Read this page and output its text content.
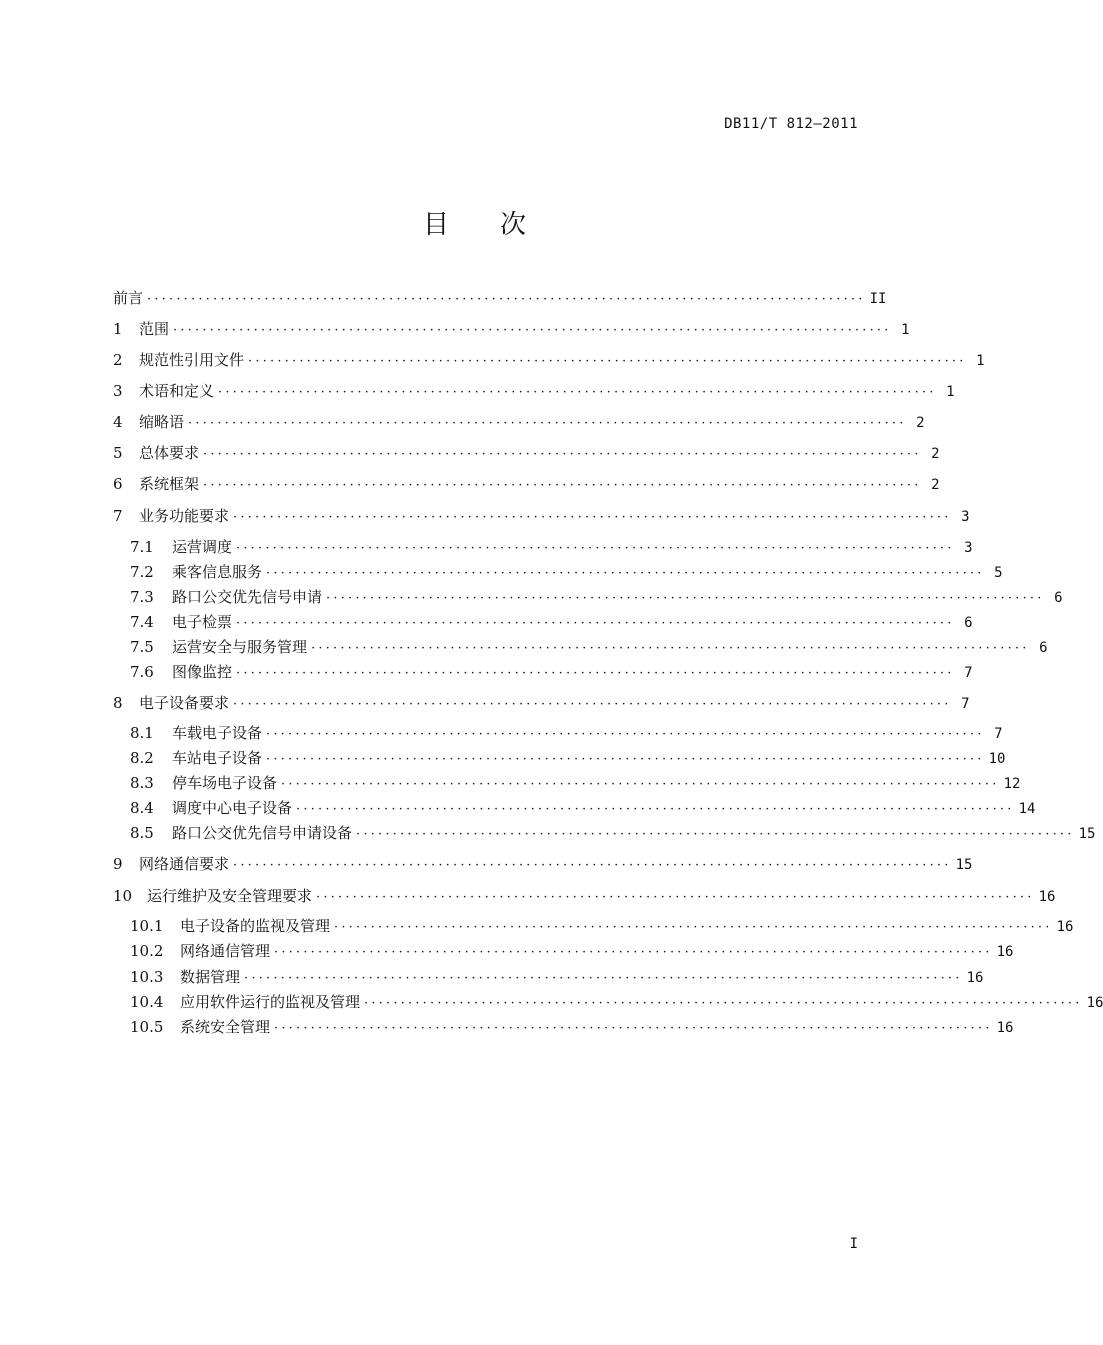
DB11/T 812—2011
目 次
前言 ·································································································· II
1	范围 ·································································································· 1
2	规范性引用文件 ·································································································· 1
3	术语和定义 ·································································································· 1
4	缩略语 ·································································································· 2
5	总体要求 ·································································································· 2
6	系统框架 ·································································································· 2
7	业务功能要求 ·································································································· 3
7.1	运营调度 ·································································································· 3
7.2	乘客信息服务 ·································································································· 5
7.3	路口公交优先信号申请 ·································································································· 6
7.4	电子检票 ·································································································· 6
7.5	运营安全与服务管理 ·································································································· 6
7.6	图像监控 ·································································································· 7
8	电子设备要求 ·································································································· 7
8.1	车载电子设备 ·································································································· 7
8.2	车站电子设备 ·································································································· 10
8.3	停车场电子设备 ·································································································· 12
8.4	调度中心电子设备 ·································································································· 14
8.5	路口公交优先信号申请设备 ·································································································· 15
9	网络通信要求 ·································································································· 15
10 运行维护及安全管理要求 ·································································································· 16
10.1	电子设备的监视及管理 ·································································································· 16
10.2	网络通信管理 ·································································································· 16
10.3	数据管理 ·································································································· 16
10.4	应用软件运行的监视及管理 ·································································································· 16
10.5	系统安全管理 ·································································································· 16
I
